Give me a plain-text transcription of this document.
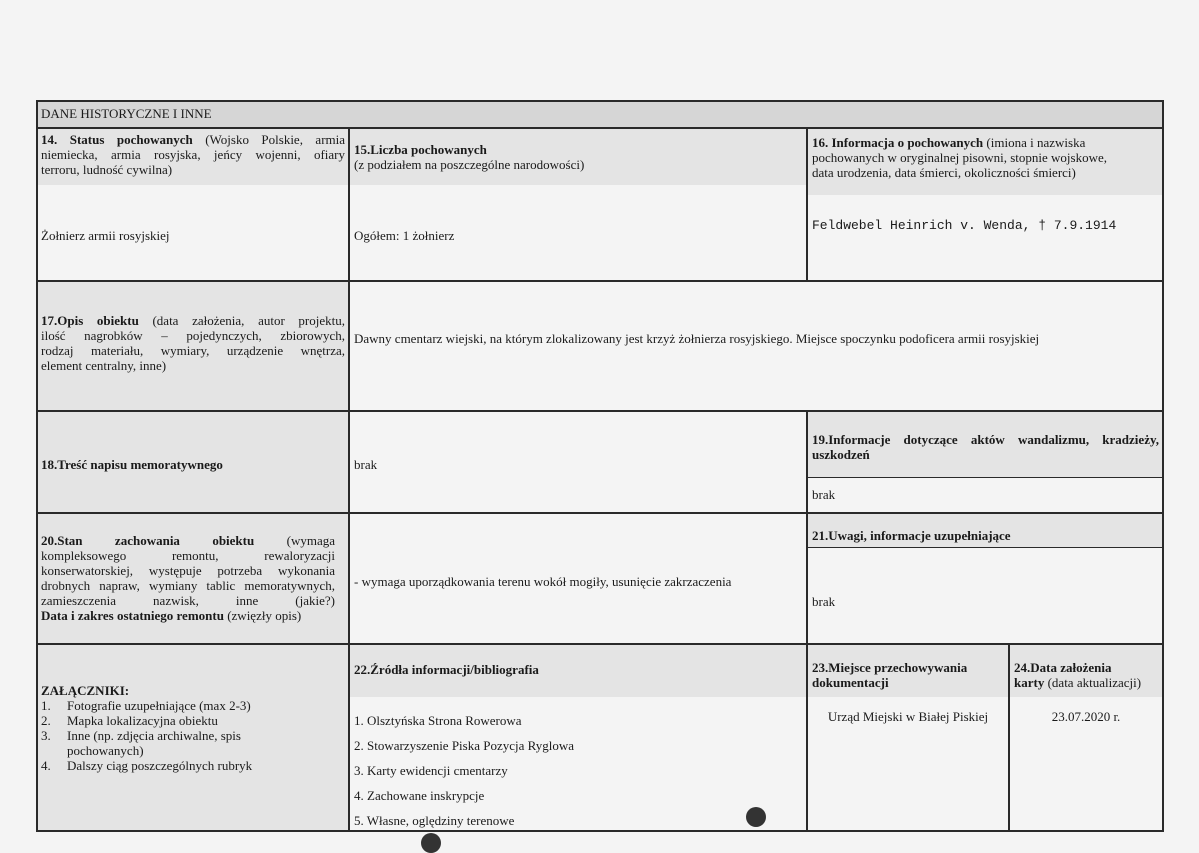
DANE HISTORYCZNE I INNE
14. Status pochowanych (Wojsko Polskie, armia
niemiecka, armia rosyjska, jeńcy wojenni, ofiary
terroru, ludność cywilna)
Żołnierz armii rosyjskiej
15.Liczba pochowanych
(z podziałem na poszczególne narodowości)
Ogółem: 1 żołnierz
16. Informacja o pochowanych (imiona i nazwiska
pochowanych w oryginalnej pisowni, stopnie wojskowe,
data urodzenia, data śmierci, okoliczności śmierci)
Feldwebel Heinrich v. Wenda, † 7.9.1914
17.Opis obiektu (data założenia, autor projektu,
ilość nagrobków – pojedynczych, zbiorowych,
rodzaj materiału, wymiary, urządzenie wnętrza,
element centralny, inne)
Dawny cmentarz wiejski, na którym zlokalizowany jest krzyż żołnierza rosyjskiego. Miejsce spoczynku podoficera armii rosyjskiej
18.Treść napisu memoratywnego	brak
19.Informacje dotyczące aktów wandalizmu, kradzieży,
uszkodzeń
brak
20.Stan zachowania obiektu (wymaga
kompleksowego remontu, rewaloryzacji
konserwatorskiej, występuje potrzeba wykonania
drobnych napraw, wymiany tablic memoratywnych,
zamieszczenia nazwisk, inne (jakie?)
Data i zakres ostatniego remontu (zwięzły opis)
- wymaga uporządkowania terenu wokół mogiły, usunięcie zakrzaczenia
21.Uwagi, informacje uzupełniające
brak
ZAŁĄCZNIKI:
1.	Fotografie uzupełniające (max 2-3)
2.	Mapka lokalizacyjna obiektu
3.	Inne (np. zdjęcia archiwalne, spis
pochowanych)
4.	Dalszy ciąg poszczególnych rubryk
22.Źródła informacji/bibliografia
1. Olsztyńska Strona Rowerowa
2. Stowarzyszenie Piska Pozycja Ryglowa
3. Karty ewidencji cmentarzy
4. Zachowane inskrypcje
5. Własne, oględziny terenowe
23.Miejsce przechowywania
dokumentacji
Urząd Miejski w Białej Piskiej
24.Data założenia
karty (data aktualizacji)
23.07.2020 r.
